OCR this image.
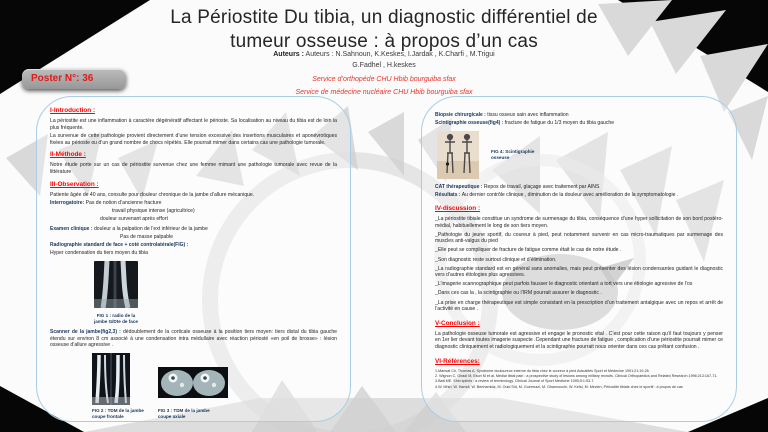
La Périostite Du tibia, un diagnostic différentiel de
tumeur osseuse : à propos d’un cas
Auteurs : Auteurs : N.Sahnoun, K.Keskes, I.Jardak , K.Charfi , M.Trigui
G.Fadhel , H.keskes
Service d’orthopéde CHU Hbib bourguiba sfax
Service de médecine nucléaire CHU Hbib bourguiba sfax
Poster N°: 36
I-Introduction :

La périostite est une inflammation à caractère dégénératif affectant le périoste. Sa localisation au niveau du tibia est de loin la plus fréquente.

La survenue de cette pathologie provient directement d’une tension excessive des insertions musculaires et aponévrotiques fixées au périoste ou d’un grand nombre de chocs répétés. Elle pourrait mimer dans certains cas une pathologie tumorale.

II-Méthode :

Notre étude porte sur un cas de périostite survenue chez une femme mimant une pathologie tumorale avec revue de la littérature

III-Observation :

Patiente âgée de 40 ans, consulte pour douleur chronique de la jambe d’allure mécanique.

Interrogatoire: Pas de notion d’ancienne fracture
travail physique intense (agricultrice)
douleur survenant après effort
Examen clinique : douleur a la palpation de l’ext inférieur de la jambe
Pas de masse palpable
Radiographie standard de face + coté controlatérale(FIG) :
Hyper condensation du tiers moyen du tibia
FIG 1 : radio de la
jambe G/Dte de face

Scanner de la jambe(fig2,3) : dédoublement de la corticale osseuse à la position tiers moyen: tiers distal du tibia gauche étendu sur environ 8 cm associé à une condensation intra médullaire avec réaction périosté «en poil de brosse» : lésion osseuse d’allure agressive .

FIG 2 : TDM de la jambe
coupe frontale
FIG 3 : TDM de la jambe
coupe axiale
Biopsie chirurgicale : tissu osseux sain avec inflammation
Scintigraphie osseuse(fig4) : fracture de fatigue du 1/3 moyen du tibia gauche
FIG 4: Scintigraphie
osseuse
CAT thérapeutique : Repos de travail, glaçage avec traitement par AINS
Résultats : Au dernier contrôle clinique , diminution de la douleur avec amélioration de la symptomatologie .
IV-discussion :

_La périostite tibiale constitue un syndrome de surmenage du tibia, conséquence d’une hyper sollicitation de son bord postéro-médial, habituellement le long de son tiers moyen.

_Pathologie du jeune sportif, du coureur à pied, peut notamment survenir en cas micro-traumatiques par surmenage des muscles anti-valgus du pied

_Elle peut se compliquer de fracture de fatigue comme était le cas de notre étude .

_Son diagnostic reste surtout clinique et d’élimination.

_La radiographie standard est en général sans anomalies, mais peut présenter des lésion condensantes guidant le diagnostic vers d’autres étiologies plus agressives.

_L’imagerie scannographique peut parfois fausser le diagnostic orientant a tort vers une étiologie agressive de l’os

_Dans ces cas la , la scintigraphie ou l’IRM pourrait assurer le diagnostic .

_La prise en charge thérapeutique est simple consistant en la prescription d’un traitement antalgique avec un repos et arrêt de l’activité en cause .

V-Conclusion :

La pathologie osseuse tumorale est agressive et engage le pronostic vital . C’est pour cette raison qu’il faut toujours y penser en 1er lier devant toutes imagerie suspecte .Cependant une fracture de fatigue , complication d’une périostite pourrait mimer ce diagnostic cliniquement et radiologiquement et la scintigraphie pourrait nous orienter dans ces cas prêtant confusion .

VI-Références:
1.Mansat Ch, Thomas A. Syndrome douloureux externe du tibia chez le coureur à pied Actualités Sport et Médecine 1991;21:19-26.
2. Wignon C, Giradi M, Esori M et al, Medial tibial pain : a prospective study of lesions among military recruits. Clinical Orthopaedics and Related Research 1996;213:167-71.
3.Batt ME. Shin splints : a review of terminology. Clinical Journal of Sport Medicine 1995;5:1:53-7.
4.W. Mhiri, W. Hamdi, W. Benhamida, M. Ould Sid, M. Guermazi, M. Ghannouchi, W. Kefsi, M. Mezien, Périostite tibiale chez le sportif : à propos de cas
